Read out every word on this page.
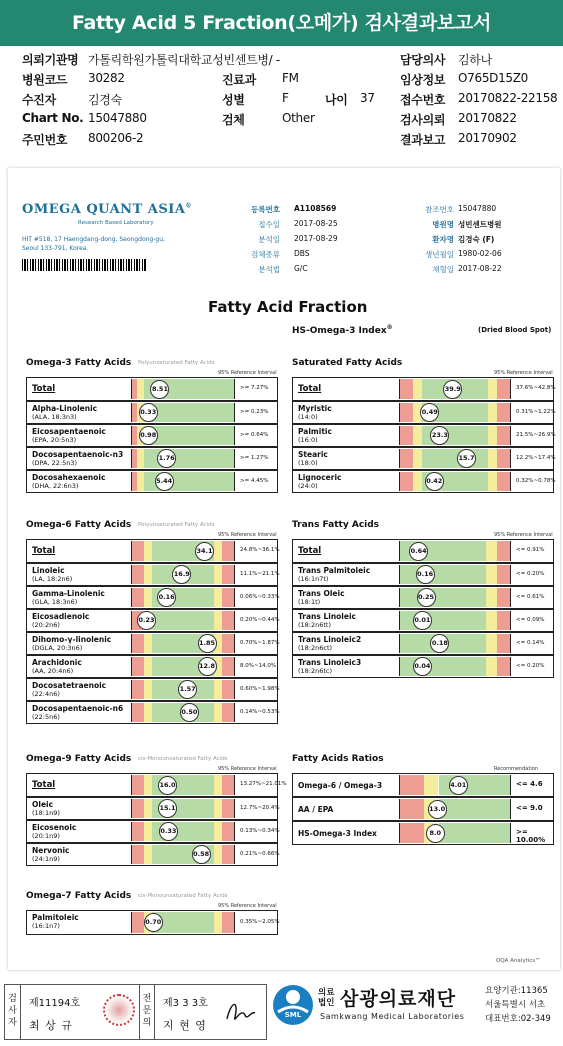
Fatty Acid 5 Fraction(오메가) 검사결과보고서
의뢰기관명 가톨릭학원가톨릭대학교성빈센트병/ -
병원코드 30282
수진자	김경숙
Chart No. 15047880
주민번호 800206-2
진료과 FM
성별	F	나이 37
검체	Other
담당의사 김하나
임상정보 O765D15Z0
접수번호 20170822-22158
검사의뢰 20170822
결과보고 20170902
OMEGA QUANT ASIA®
Research Based Laboratory
HIT #518, 17 Haengdang-dong, Seongdong-gu,
Seoul 133-791, Korea.
등록번호 A1108569
접수일 2017-08-25
분석일 2017-08-29
검체종류 DBS
분석법 G/C
참조번호 15047880
병원명 성빈센트병원
환자명 김경숙 (F)
생년월일 1980-02-06
채혈일 2017-08-22
Fatty Acid Fraction
HS-Omega-3 Index®	(Dried Blood Spot)
Omega-3 Fatty Acids Polyunsaturated Fatty Acids
95% Reference Interval
Total	8.51	>= 7.27%
Alpha-Linolenic
(ALA, 18:3n3)
0.33	>= 0.23%
Eicosapentaenoic
(EPA, 20:5n3)
0.98	>= 0.64%
Docosapentaenoic-n3
(DPA, 22:5n3)
1.76	>= 1.27%
Docosahexaenoic
(DHA, 22:6n3)
5.44	>= 4.45%
Saturated Fatty Acids
95% Reference Interval
Total	39.9	37.6%~42.8%
Myristic
(14:0)
0.49	0.31%~1.22%
Palmitic
(16:0)
23.3	21.5%~26.9%
Stearic
(18:0)
15.7	12.2%~17.4%
Lignoceric
(24:0)
0.42	0.32%~0.78%
Omega-6 Fatty Acids Polyunsaturated Fatty Acids
95% Reference Interval
Total	34.1	24.8%~36.1%
Linoleic
(LA, 18:2n6)
16.9	11.1%~21.1%
Gamma-Linolenic
(GLA, 18:3n6)
0.16	0.06%~0.33%
Eicosadienoic
(20:2n6)
0.23	0.20%~0.44%
Dihomo-γ-linolenic
(DGLA, 20:3n6)
1.85	0.70%~1.87%
Arachidonic
(AA, 20:4n6)
12.8	8.0%~14.0%
Docosatetraenoic
(22:4n6)
1.57	0.60%~1.98%
Docosapentaenoic-n6
(22:5n6)
0.50	0.14%~0.53%
Trans Fatty Acids
95% Reference Interval
Total	0.64	<= 0.91%
Trans Palmitoleic
(16:1n7t)
0.16	<= 0.20%
Trans Oleic
(18:1t)
0.25	<= 0.61%
Trans Linoleic
(18:2n6tt)
0.01	<= 0.09%
Trans Linoleic2
(18:2n6ct)
0.18	<= 0.14%
Trans Linoleic3
(18:2n6tc)
0.04	<= 0.20%
Omega-9 Fatty Acids cis-Monounsaturated Fatty Acids
95% Reference Interval
Total	16.0	13.27%~21.01%
Oleic
(18:1n9)
15.1	12.7%~20.4%
Eicosenoic
(20:1n9)
0.33	0.13%~0.34%
Nervonic
(24:1n9)
0.58	0.21%~0.66%
Fatty Acids Ratios
Recommendation
Omega-6 / Omega-3	4.01	<= 4.6
AA / EPA	13.0	<= 9.0
HS-Omega-3 Index	8.0	>= 10.00%
Omega-7 Fatty Acids cis-Monounsaturated Fatty Acids
95% Reference Interval
Palmitoleic
(16:1n7)	0.70	0.35%~2.05%
OQA Analytics™
검사자
제11194호
최 상 규
전문의
제3 3 3호
지 현 영
SML
의료법인 삼광의료재단
Samkwang Medical Laboratories
요양기관:11365
서울특별시 서초
대표번호:02-349
